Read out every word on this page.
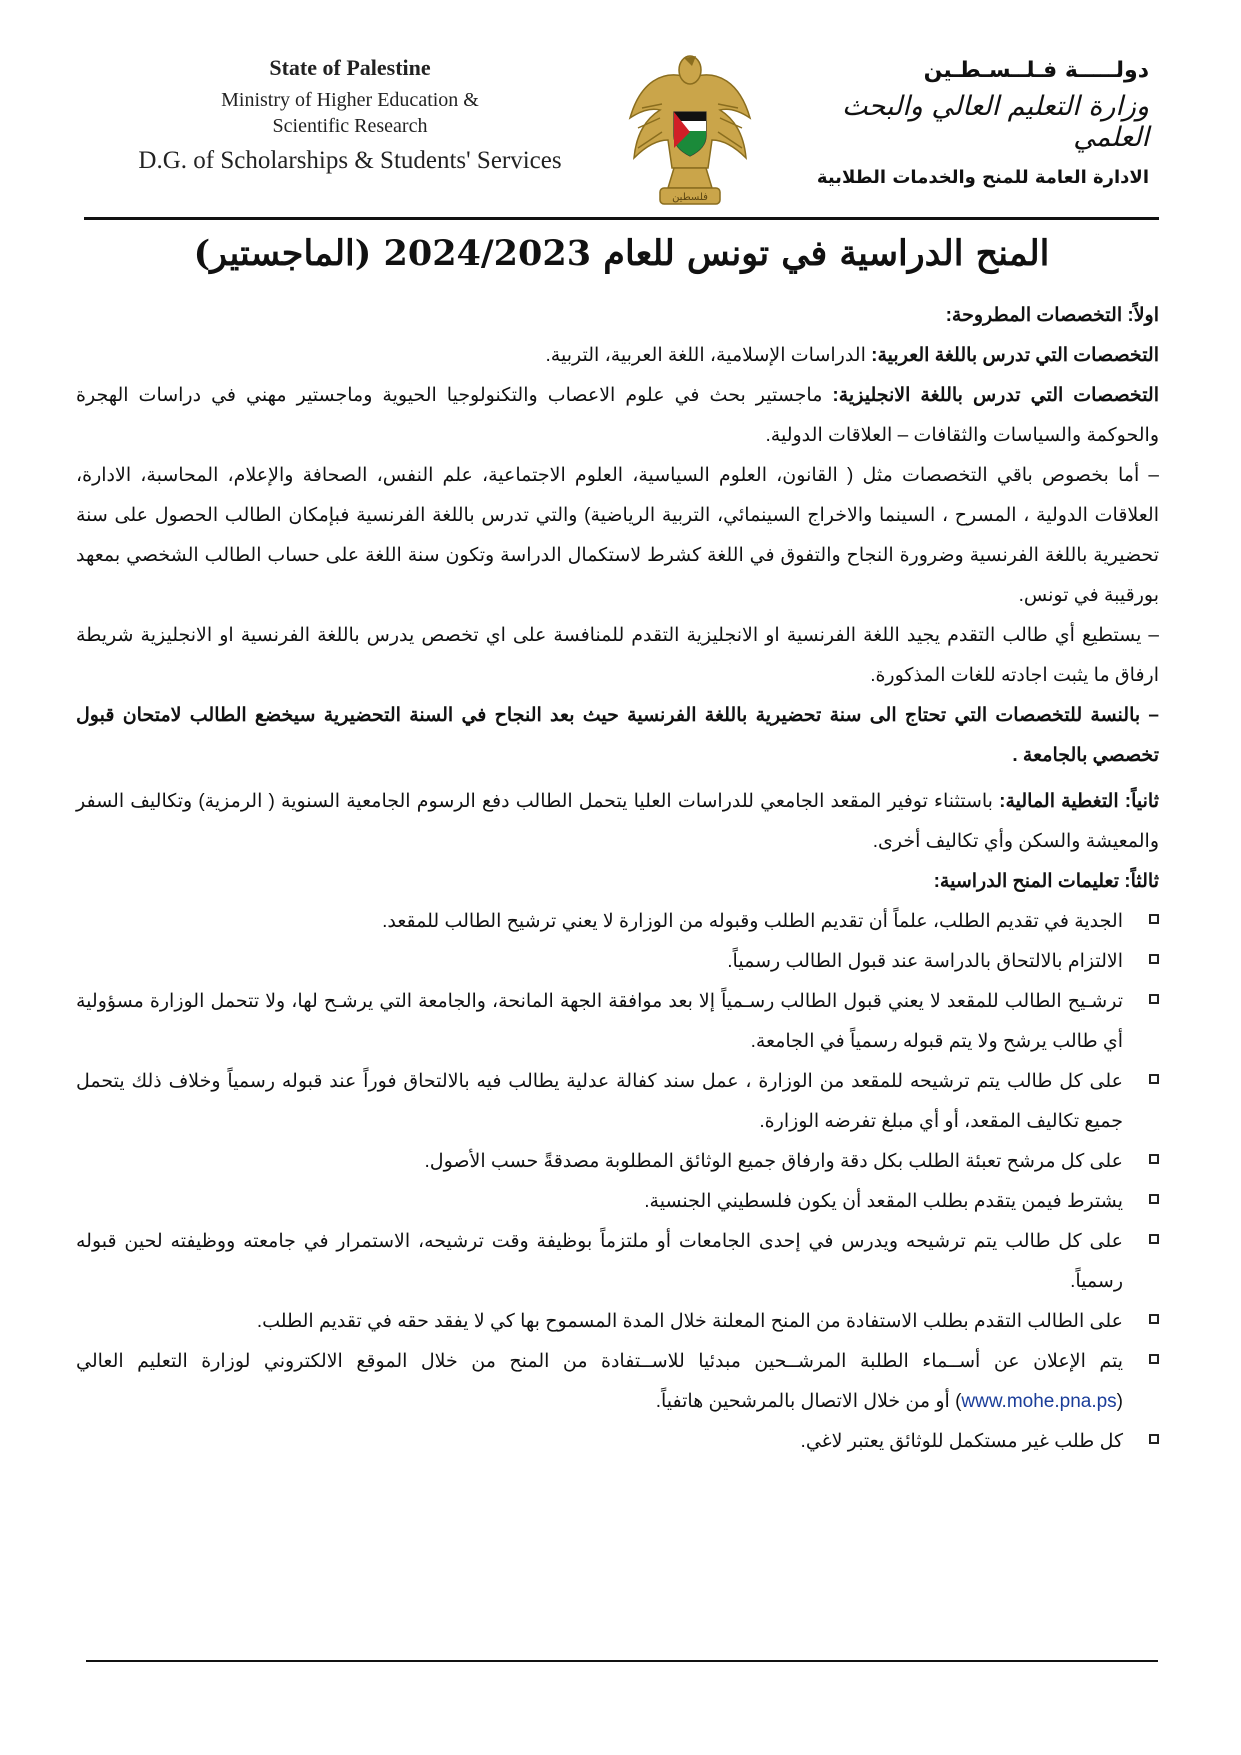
State of Palestine
Ministry of Higher Education &
Scientific Research
D.G. of Scholarships & Students' Services
فلسطين
دولـــــة فـلــسـطـين
وزارة التعليم العالي والبحث العلمي
الادارة العامة للمنح والخدمات الطلابية
المنح الدراسية في تونس للعام 2024/2023 (الماجستير)

اولاً: التخصصات المطروحة:

التخصصات التي تدرس باللغة العربية: الدراسات الإسلامية، اللغة العربية، التربية.

التخصصات التي تدرس باللغة الانجليزية: ماجستير بحث في علوم الاعصاب والتكنولوجيا الحيوية وماجستير مهني في دراسات الهجرة والحوكمة والسياسات والثقافات – العلاقات الدولية.

– أما بخصوص باقي التخصصات مثل ( القانون، العلوم السياسية، العلوم الاجتماعية، علم النفس، الصحافة والإعلام، المحاسبة، الادارة، العلاقات الدولية ، المسرح ، السينما والاخراج السينمائي، التربية الرياضية) والتي تدرس باللغة الفرنسية فبإمكان الطالب الحصول على سنة تحضيرية باللغة الفرنسية وضرورة النجاح والتفوق في اللغة كشرط لاستكمال الدراسة وتكون سنة اللغة على حساب الطالب الشخصي بمعهد بورقيبة في تونس.

– يستطيع أي طالب التقدم يجيد اللغة الفرنسية او الانجليزية التقدم للمنافسة على اي تخصص يدرس باللغة الفرنسية او الانجليزية شريطة ارفاق ما يثبت اجادته للغات المذكورة.

– بالنسة للتخصصات التي تحتاج الى سنة تحضيرية باللغة الفرنسية حيث بعد النجاح في السنة التحضيرية سيخضع الطالب لامتحان قبول تخصصي بالجامعة .

ثانياً: التغطية المالية: باستثناء توفير المقعد الجامعي للدراسات العليا يتحمل الطالب دفع الرسوم الجامعية السنوية ( الرمزية) وتكاليف السفر والمعيشة والسكن وأي تكاليف أخرى.

ثالثاً: تعليمات المنح الدراسية:

الجدية في تقديم الطلب، علماً أن تقديم الطلب وقبوله من الوزارة لا يعني ترشيح الطالب للمقعد.
الالتزام بالالتحاق بالدراسة عند قبول الطالب رسمياً.
ترشـيح الطالب للمقعد لا يعني قبول الطالب رسـمياً إلا بعد موافقة الجهة المانحة، والجامعة التي يرشـح لها، ولا تتحمل الوزارة مسؤولية أي طالب يرشح ولا يتم قبوله رسمياً في الجامعة.
على كل طالب يتم ترشيحه للمقعد من الوزارة ، عمل سند كفالة عدلية يطالب فيه بالالتحاق فوراً عند قبوله رسمياً وخلاف ذلك يتحمل جميع تكاليف المقعد، أو أي مبلغ تفرضه الوزارة.
على كل مرشح تعبئة الطلب بكل دقة وارفاق جميع الوثائق المطلوبة مصدقةً حسب الأصول.
يشترط فيمن يتقدم بطلب المقعد أن يكون فلسطيني الجنسية.
على كل طالب يتم ترشيحه ويدرس في إحدى الجامعات أو ملتزماً بوظيفة وقت ترشيحه، الاستمرار في جامعته ووظيفته لحين قبوله رسمياً.
على الطالب التقدم بطلب الاستفادة من المنح المعلنة خلال المدة المسموح بها كي لا يفقد حقه في تقديم الطلب.
يتم الإعلان عن أســماء الطلبة المرشــحين مبدئيا للاســتفادة من المنح من خلال الموقع الالكتروني لوزارة التعليم العالي (www.mohe.pna.ps) أو من خلال الاتصال بالمرشحين هاتفياً.
كل طلب غير مستكمل للوثائق يعتبر لاغي.
